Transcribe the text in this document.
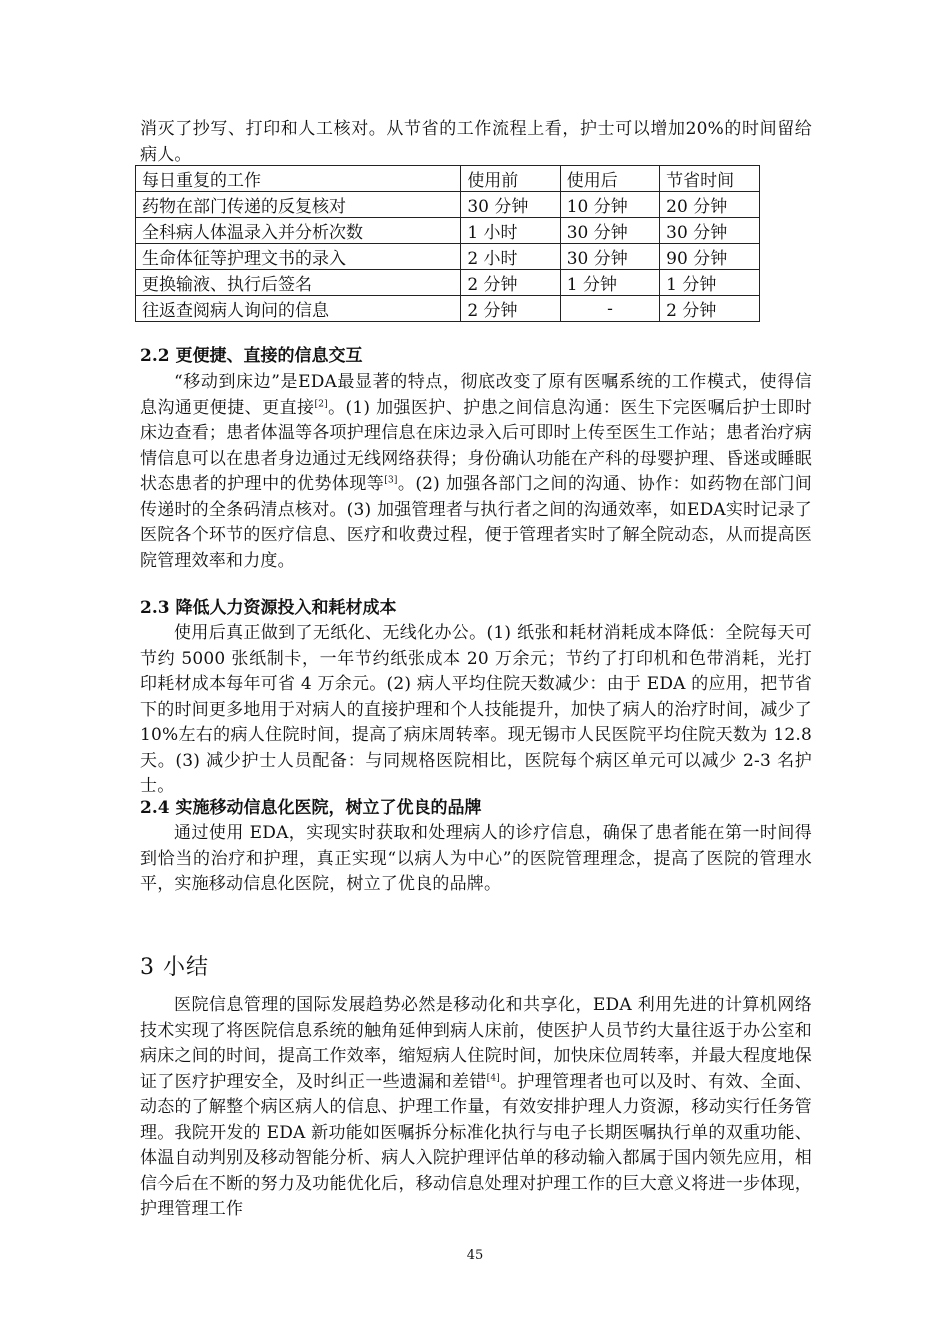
消灭了抄写、打印和人工核对。从节省的工作流程上看，护士可以增加20%的时间留给病人。

每日重复的工作	使用前	使用后	节省时间
药物在部门传递的反复核对	30 分钟	10 分钟	20 分钟
全科病人体温录入并分析次数	1 小时	30 分钟	30 分钟
生命体征等护理文书的录入	2 小时	30 分钟	90 分钟
更换输液、执行后签名	2 分钟	1 分钟	1 分钟
往返查阅病人询问的信息	2 分钟	-	2 分钟

2.2 更便捷、直接的信息交互

“移动到床边”是EDA最显著的特点，彻底改变了原有医嘱系统的工作模式，使得信息沟通更便捷、更直接[2]。(1) 加强医护、护患之间信息沟通：医生下完医嘱后护士即时床边查看；患者体温等各项护理信息在床边录入后可即时上传至医生工作站；患者治疗病情信息可以在患者身边通过无线网络获得；身份确认功能在产科的母婴护理、昏迷或睡眠状态患者的护理中的优势体现等[3]。(2) 加强各部门之间的沟通、协作：如药物在部门间传递时的全条码清点核对。(3) 加强管理者与执行者之间的沟通效率，如EDA实时记录了医院各个环节的医疗信息、医疗和收费过程，便于管理者实时了解全院动态，从而提高医院管理效率和力度。

2.3 降低人力资源投入和耗材成本

使用后真正做到了无纸化、无线化办公。(1) 纸张和耗材消耗成本降低：全院每天可节约 5000 张纸制卡，一年节约纸张成本 20 万余元；节约了打印机和色带消耗，光打印耗材成本每年可省 4 万余元。(2) 病人平均住院天数减少：由于 EDA 的应用，把节省下的时间更多地用于对病人的直接护理和个人技能提升，加快了病人的治疗时间，减少了 10%左右的病人住院时间，提高了病床周转率。现无锡市人民医院平均住院天数为 12.8 天。(3) 减少护士人员配备：与同规格医院相比，医院每个病区单元可以减少 2-3 名护士。

2.4 实施移动信息化医院，树立了优良的品牌

通过使用 EDA，实现实时获取和处理病人的诊疗信息，确保了患者能在第一时间得到恰当的治疗和护理，真正实现“以病人为中心”的医院管理理念，提高了医院的管理水平，实施移动信息化医院，树立了优良的品牌。

3 小结

医院信息管理的国际发展趋势必然是移动化和共享化，EDA 利用先进的计算机网络技术实现了将医院信息系统的触角延伸到病人床前，使医护人员节约大量往返于办公室和病床之间的时间，提高工作效率，缩短病人住院时间，加快床位周转率，并最大程度地保证了医疗护理安全，及时纠正一些遗漏和差错[4]。护理管理者也可以及时、有效、全面、动态的了解整个病区病人的信息、护理工作量，有效安排护理人力资源，移动实行任务管理。我院开发的 EDA 新功能如医嘱拆分标准化执行与电子长期医嘱执行单的双重功能、体温自动判别及移动智能分析、病人入院护理评估单的移动输入都属于国内领先应用，相信今后在不断的努力及功能优化后，移动信息处理对护理工作的巨大意义将进一步体现，护理管理工作

45
